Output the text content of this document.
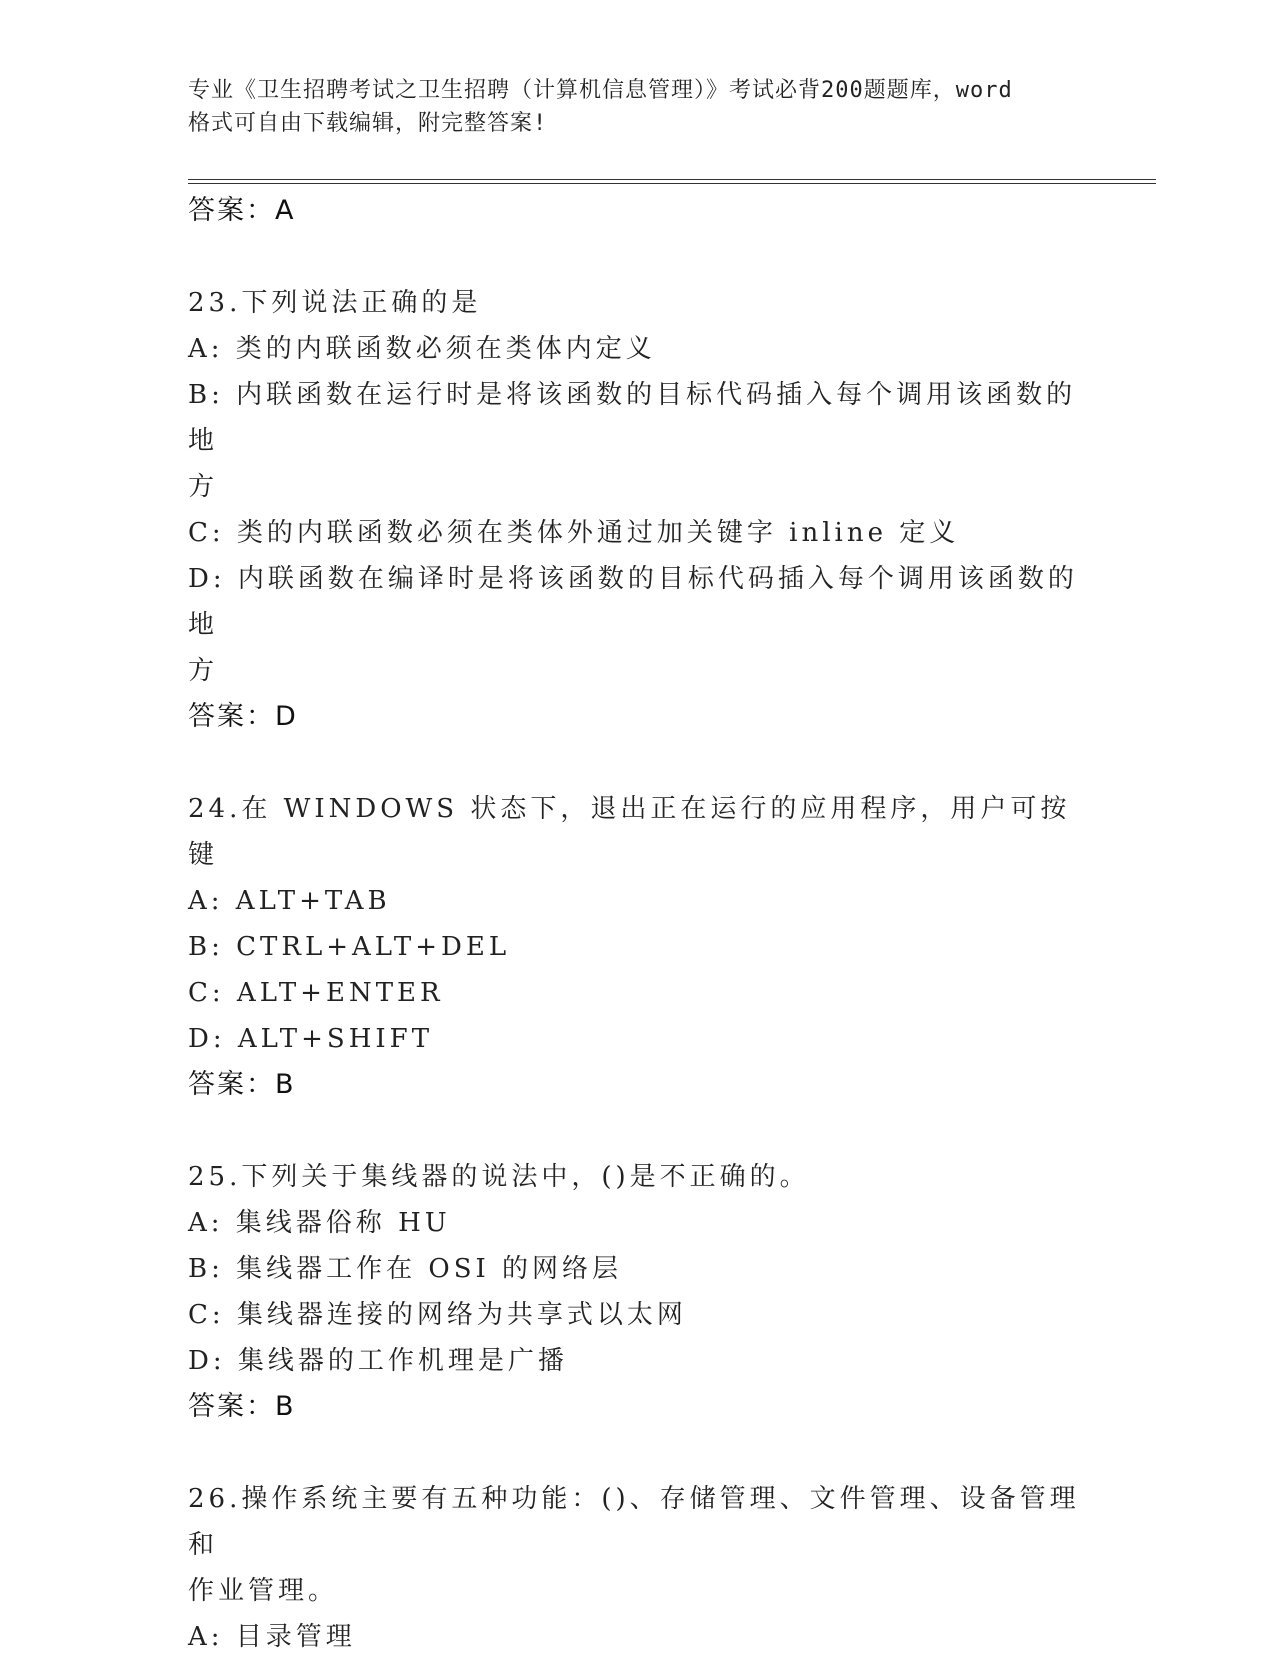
专业《卫生招聘考试之卫生招聘（计算机信息管理）》考试必背200题题库，word
格式可自由下载编辑，附完整答案!
答案：A
23.下列说法正确的是
A: 类的内联函数必须在类体内定义
B: 内联函数在运行时是将该函数的目标代码插入每个调用该函数的地
方
C: 类的内联函数必须在类体外通过加关键字 inline 定义
D: 内联函数在编译时是将该函数的目标代码插入每个调用该函数的地
方
答案：D
24.在 WINDOWS 状态下，退出正在运行的应用程序，用户可按键
A: ALT+TAB
B: CTRL+ALT+DEL
C: ALT+ENTER
D: ALT+SHIFT
答案：B
25.下列关于集线器的说法中，()是不正确的。
A: 集线器俗称 HU
B: 集线器工作在 OSI 的网络层
C: 集线器连接的网络为共享式以太网
D: 集线器的工作机理是广播
答案：B
26.操作系统主要有五种功能：()、存储管理、文件管理、设备管理和
作业管理。
A: 目录管理
